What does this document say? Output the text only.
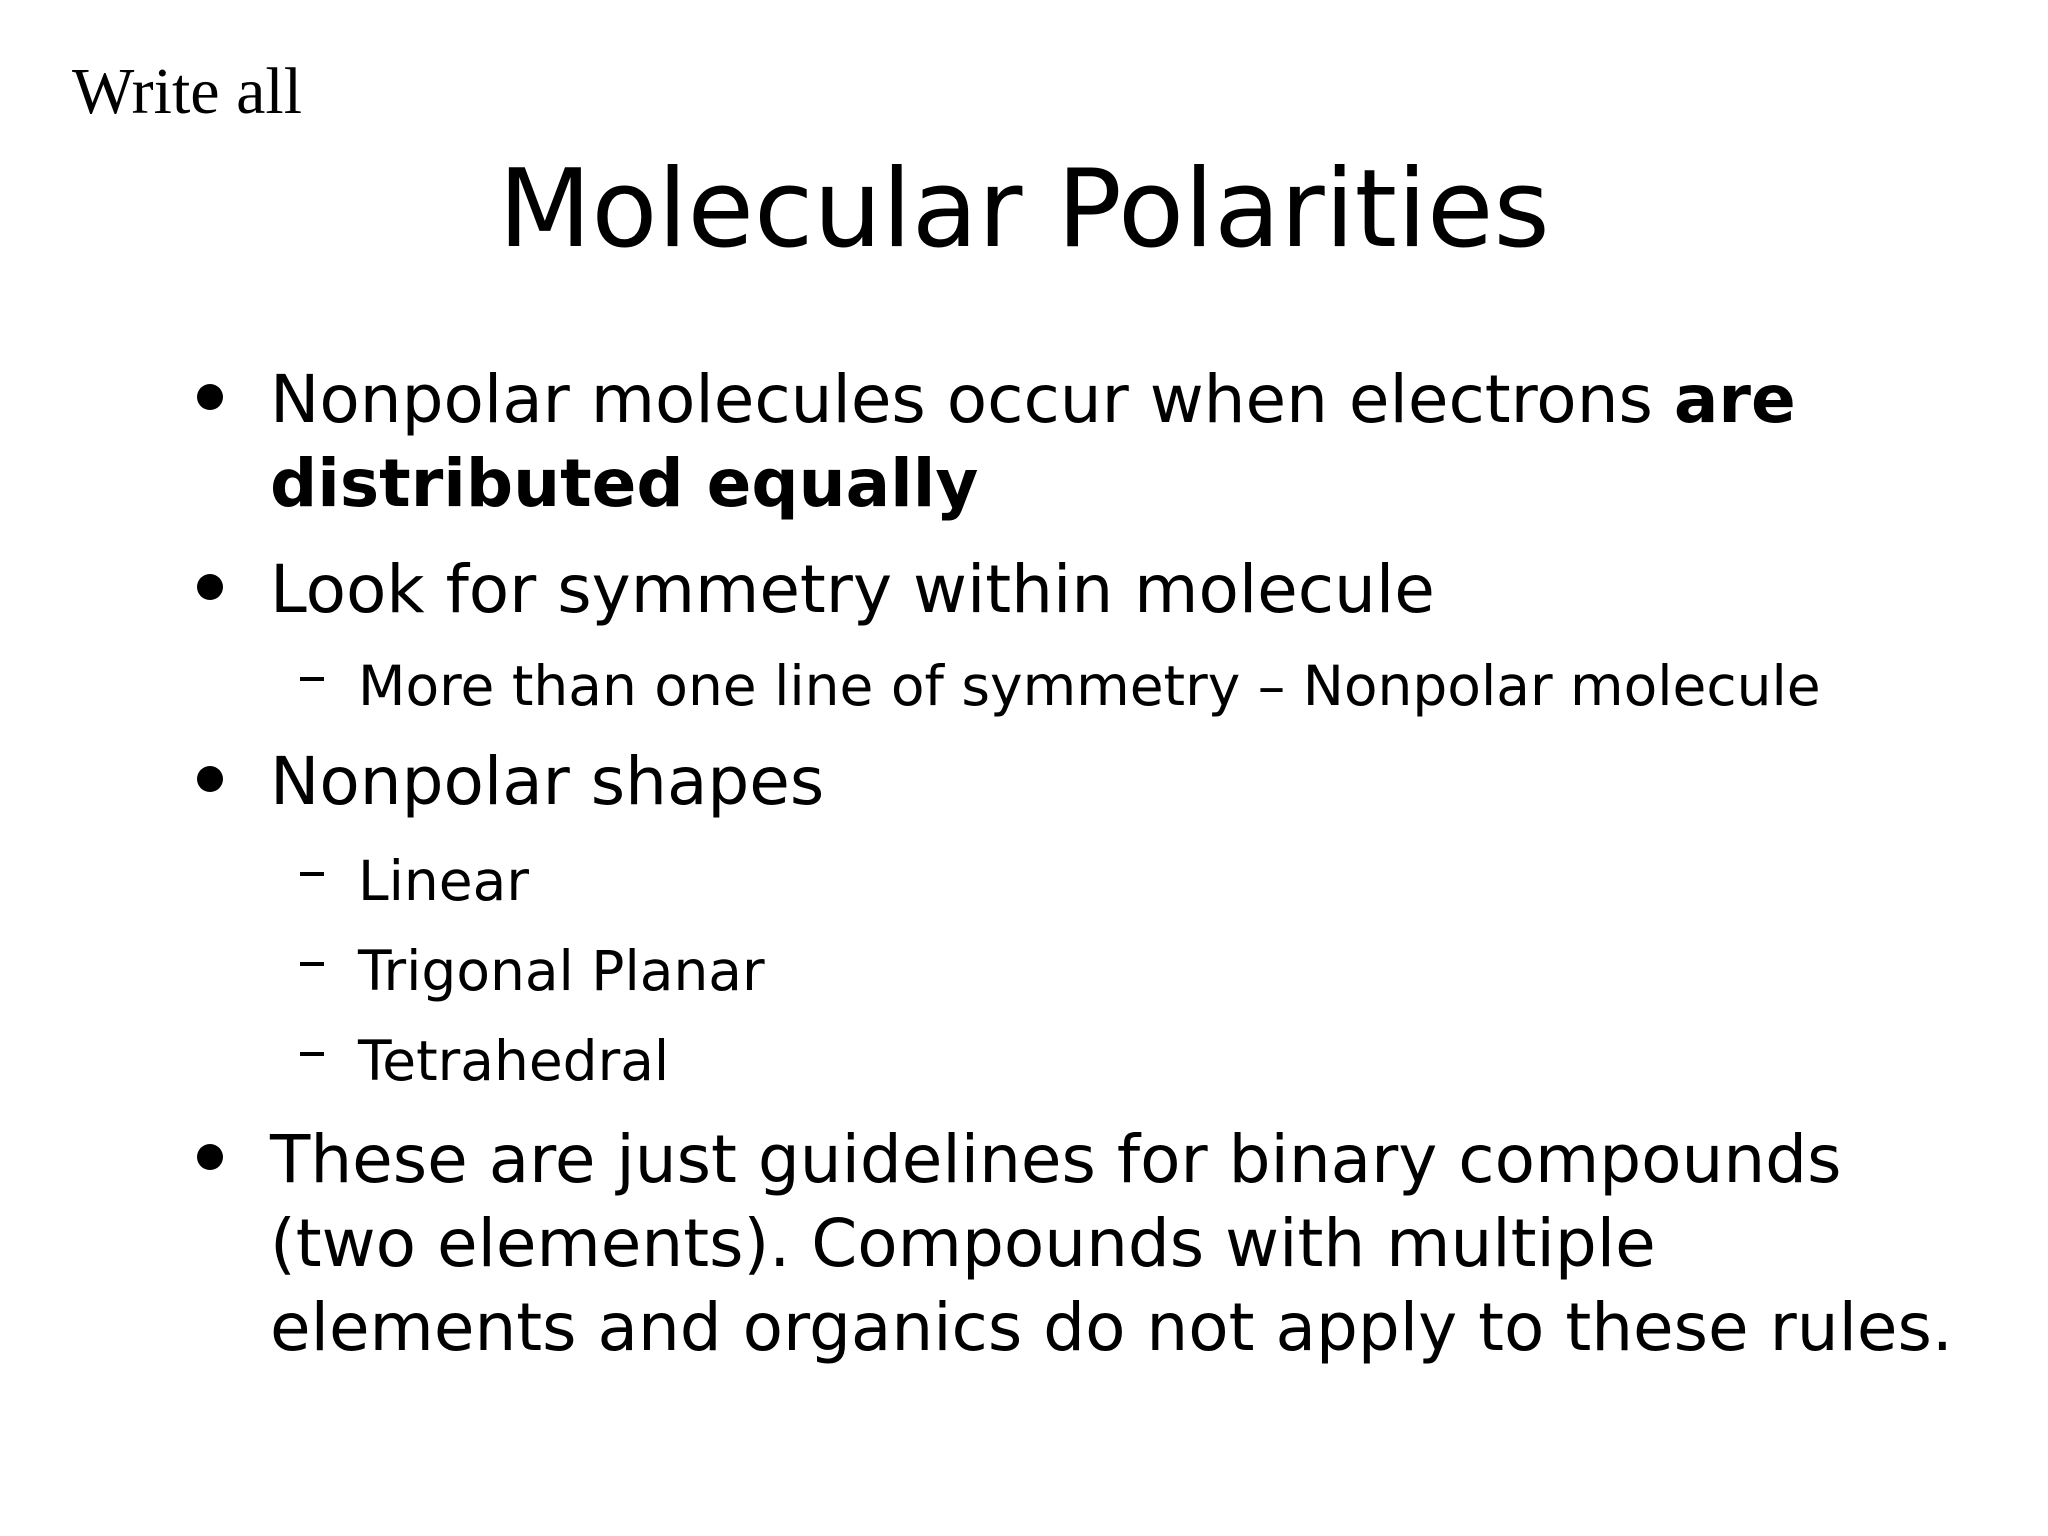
Write all
Molecular Polarities
Nonpolar molecules occur when electrons are
distributed equally
Look for symmetry within molecule
More than one line of symmetry – Nonpolar molecule
Nonpolar shapes
Linear
Trigonal Planar
Tetrahedral
These are just guidelines for binary compounds
(two elements). Compounds with multiple
elements and organics do not apply to these rules.
